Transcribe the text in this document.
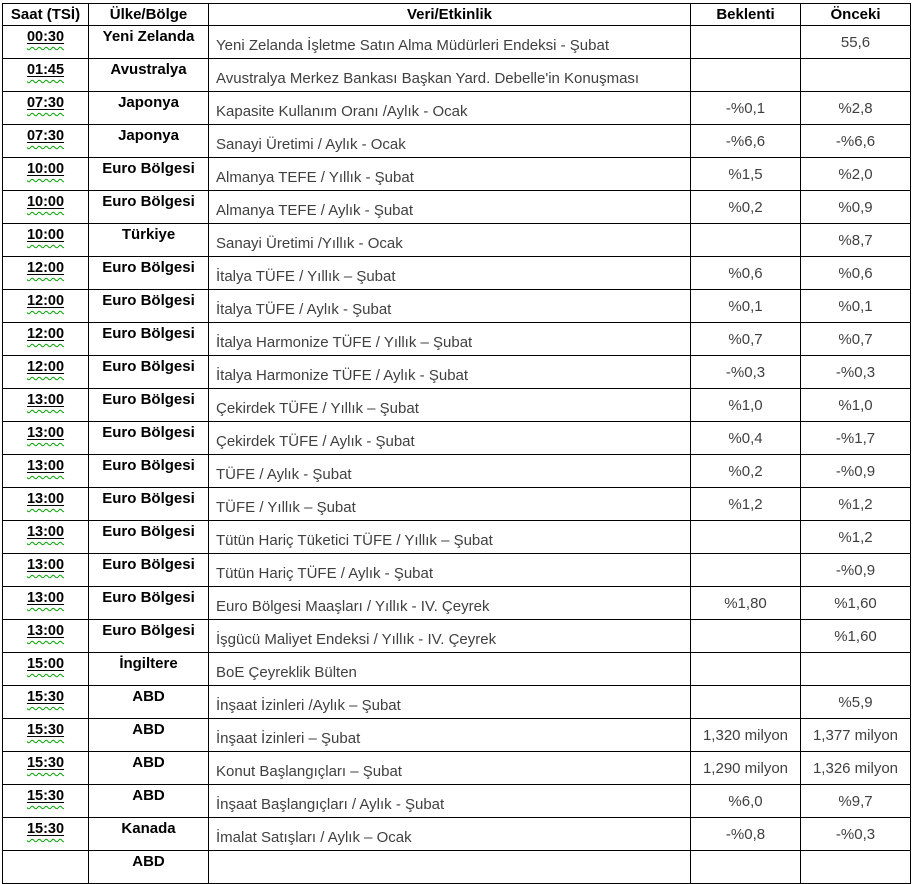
Saat (TSİ)	Ülke/Bölge	Veri/Etkinlik	Beklenti	Önceki
00:30	Yeni Zelanda	Yeni Zelanda İşletme Satın Alma Müdürleri Endeksi - Şubat		55,6
01:45	Avustralya	Avustralya Merkez Bankası Başkan Yard. Debelle'in Konuşması		
07:30	Japonya	Kapasite Kullanım Oranı /Aylık - Ocak	-%0,1	%2,8
07:30	Japonya	Sanayi Üretimi / Aylık - Ocak	-%6,6	-%6,6
10:00	Euro Bölgesi	Almanya TEFE / Yıllık - Şubat	%1,5	%2,0
10:00	Euro Bölgesi	Almanya TEFE / Aylık - Şubat	%0,2	%0,9
10:00	Türkiye	Sanayi Üretimi /Yıllık - Ocak		%8,7
12:00	Euro Bölgesi	İtalya TÜFE / Yıllık – Şubat	%0,6	%0,6
12:00	Euro Bölgesi	İtalya TÜFE / Aylık - Şubat	%0,1	%0,1
12:00	Euro Bölgesi	İtalya Harmonize TÜFE / Yıllık – Şubat	%0,7	%0,7
12:00	Euro Bölgesi	İtalya Harmonize TÜFE / Aylık - Şubat	-%0,3	-%0,3
13:00	Euro Bölgesi	Çekirdek TÜFE / Yıllık – Şubat	%1,0	%1,0
13:00	Euro Bölgesi	Çekirdek TÜFE / Aylık - Şubat	%0,4	-%1,7
13:00	Euro Bölgesi	TÜFE / Aylık - Şubat	%0,2	-%0,9
13:00	Euro Bölgesi	TÜFE / Yıllık – Şubat	%1,2	%1,2
13:00	Euro Bölgesi	Tütün Hariç Tüketici TÜFE / Yıllık – Şubat		%1,2
13:00	Euro Bölgesi	Tütün Hariç TÜFE / Aylık - Şubat		-%0,9
13:00	Euro Bölgesi	Euro Bölgesi Maaşları / Yıllık - IV. Çeyrek	%1,80	%1,60
13:00	Euro Bölgesi	İşgücü Maliyet Endeksi / Yıllık - IV. Çeyrek		%1,60
15:00	İngiltere	BoE Çeyreklik Bülten		
15:30	ABD	İnşaat İzinleri /Aylık – Şubat		%5,9
15:30	ABD	İnşaat İzinleri – Şubat	1,320 milyon	1,377 milyon
15:30	ABD	Konut Başlangıçları – Şubat	1,290 milyon	1,326 milyon
15:30	ABD	İnşaat Başlangıçları / Aylık - Şubat	%6,0	%9,7
15:30	Kanada	İmalat Satışları / Aylık – Ocak	-%0,8	-%0,3
	ABD			
